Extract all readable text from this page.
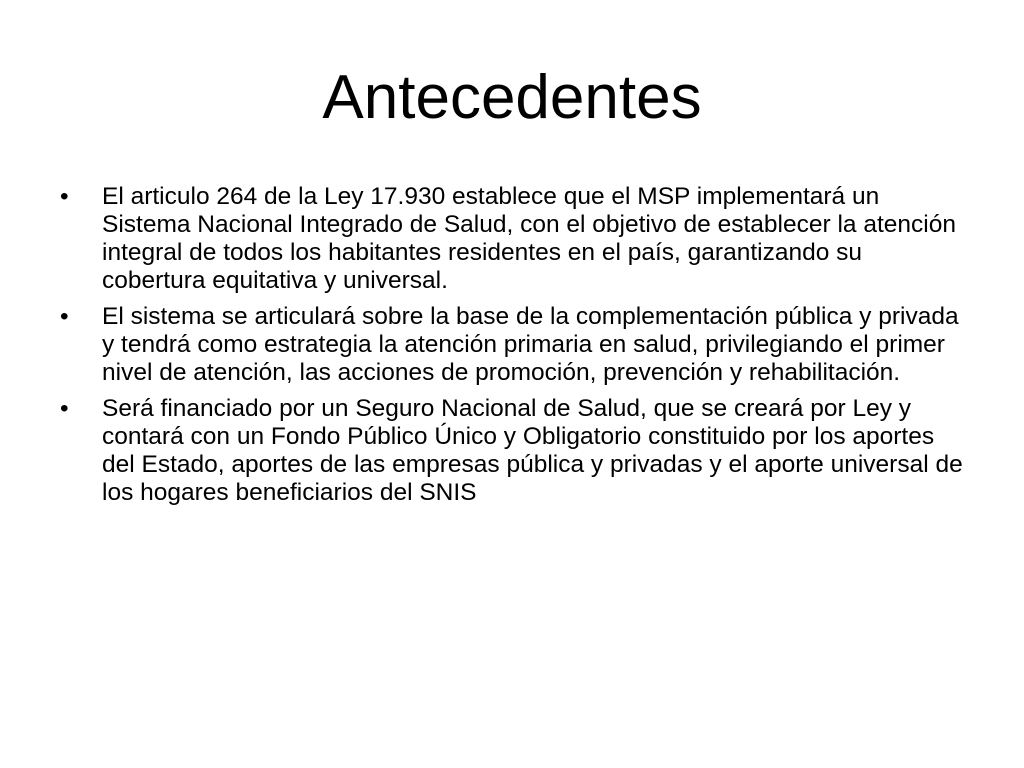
Antecedentes
•	El articulo 264 de la Ley 17.930 establece que el MSP implementará un Sistema Nacional Integrado de Salud, con el objetivo de establecer la atención integral de todos los habitantes residentes en el país, garantizando su cobertura equitativa y universal.
•	El sistema se articulará sobre la base de la complementación pública y privada y tendrá como estrategia la atención primaria en salud, privilegiando el primer nivel de atención, las acciones de promoción, prevención y rehabilitación.
•	Será financiado por un Seguro Nacional de Salud, que se creará por Ley y contará con un Fondo Público Único y Obligatorio constituido por los aportes del Estado, aportes de las empresas pública y privadas y el aporte universal de los hogares beneficiarios del SNIS
